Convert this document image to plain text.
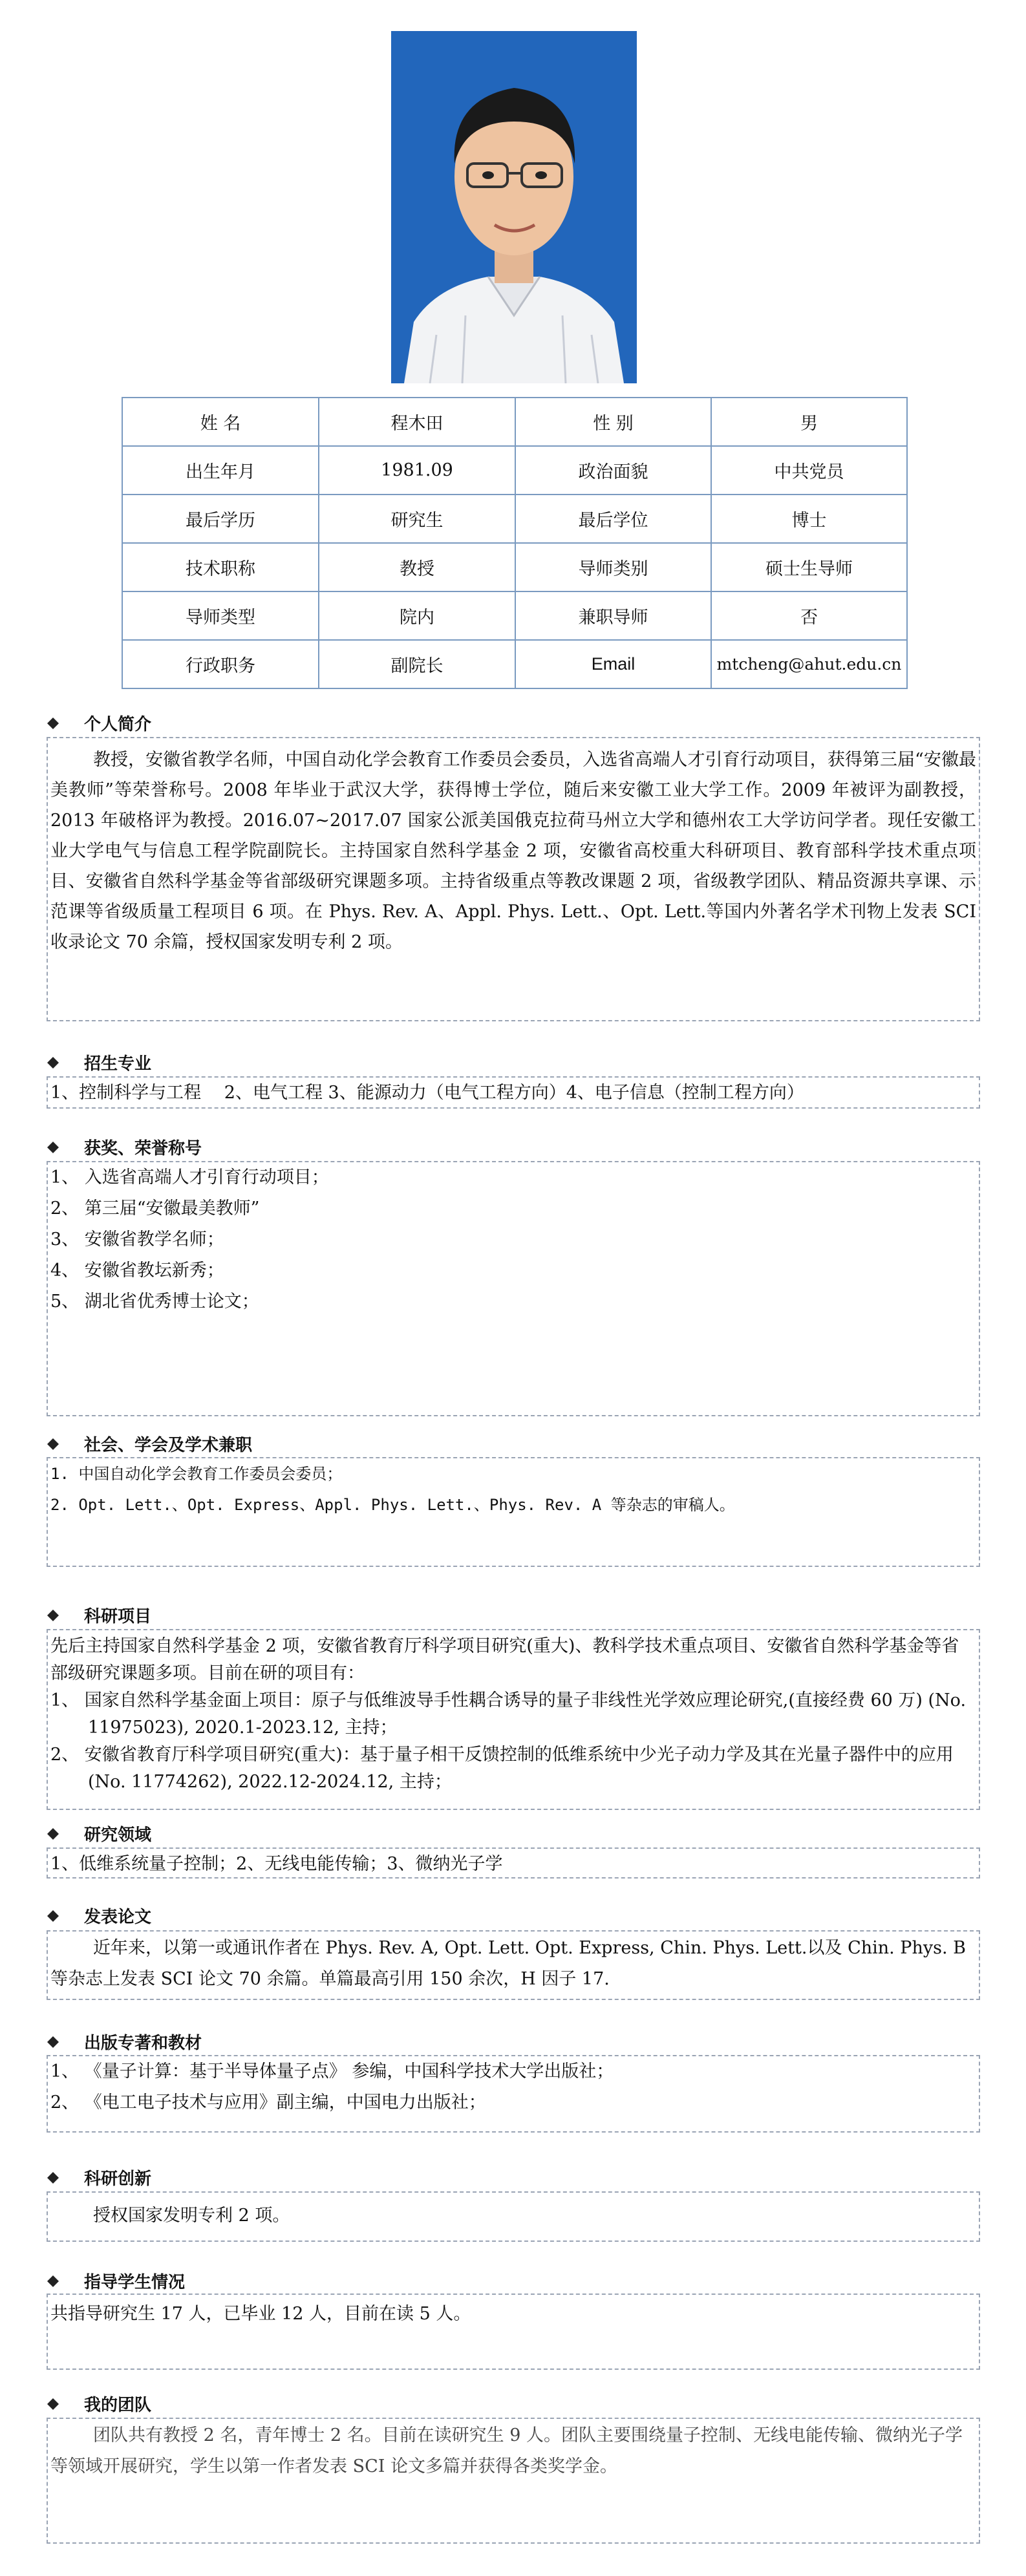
姓 名	程木田	性 别	男
出生年月	1981.09	政治面貌	中共党员
最后学历	研究生	最后学位	博士
技术职称	教授	导师类别	硕士生导师
导师类型	院内	兼职导师	否
行政职务	副院长	Email	mtcheng@ahut.edu.cn
个人简介

教授，安徽省教学名师，中国自动化学会教育工作委员会委员，入选省高端人才引育行动项目，获得第三届“安徽最美教师”等荣誉称号。2008 年毕业于武汉大学，获得博士学位，随后来安徽工业大学工作。2009 年被评为副教授，2013 年破格评为教授。2016.07~2017.07 国家公派美国俄克拉荷马州立大学和德州农工大学访问学者。现任安徽工业大学电气与信息工程学院副院长。主持国家自然科学基金 2 项，安徽省高校重大科研项目、教育部科学技术重点项目、安徽省自然科学基金等省部级研究课题多项。主持省级重点等教改课题 2 项，省级教学团队、精品资源共享课、示范课等省级质量工程项目 6 项。在 Phys. Rev. A、Appl. Phys. Lett.、Opt. Lett.等国内外著名学术刊物上发表 SCI 收录论文 70 余篇，授权国家发明专利 2 项。

招生专业

1、控制科学与工程　 2、电气工程 3、能源动力（电气工程方向）4、电子信息（控制工程方向）

获奖、荣誉称号

1、 入选省高端人才引育行动项目；

2、 第三届“安徽最美教师”

3、 安徽省教学名师；

4、 安徽省教坛新秀；

5、 湖北省优秀博士论文；

社会、学会及学术兼职

1. 中国自动化学会教育工作委员会委员；

2. Opt. Lett.、Opt. Express、Appl. Phys. Lett.、Phys. Rev. A 等杂志的审稿人。

科研项目

先后主持国家自然科学基金 2 项，安徽省教育厅科学项目研究(重大)、教科学技术重点项目、安徽省自然科学基金等省部级研究课题多项。目前在研的项目有：

1、 国家自然科学基金面上项目：原子与低维波导手性耦合诱导的量子非线性光学效应理论研究,(直接经费 60 万) (No. 11975023), 2020.1-2023.12, 主持；

2、 安徽省教育厅科学项目研究(重大)：基于量子相干反馈控制的低维系统中少光子动力学及其在光量子器件中的应用 (No. 11774262), 2022.12-2024.12, 主持；

研究领域

1、低维系统量子控制；2、无线电能传输；3、微纳光子学

发表论文

近年来，以第一或通讯作者在 Phys. Rev. A, Opt. Lett. Opt. Express, Chin. Phys. Lett.以及 Chin. Phys. B 等杂志上发表 SCI 论文 70 余篇。单篇最高引用 150 余次，H 因子 17.

出版专著和教材

1、 《量子计算：基于半导体量子点》 参编，中国科学技术大学出版社；

2、 《电工电子技术与应用》副主编，中国电力出版社；

科研创新

授权国家发明专利 2 项。

指导学生情况

共指导研究生 17 人，已毕业 12 人，目前在读 5 人。

我的团队

团队共有教授 2 名，青年博士 2 名。目前在读研究生 9 人。团队主要围绕量子控制、无线电能传输、微纳光子学等领域开展研究，学生以第一作者发表 SCI 论文多篇并获得各类奖学金。
